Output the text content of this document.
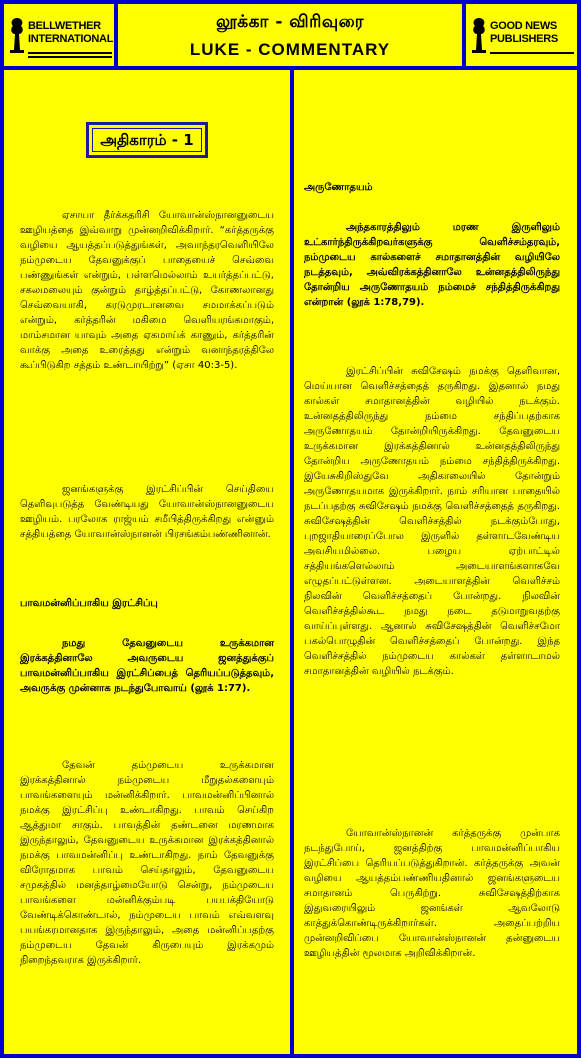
BELLWETHER
INTERNATIONAL
லூக்கா - விரிவுரை
LUKE - COMMENTARY
GOOD NEWS
PUBLISHERS
அதிகாரம் - 1

ஏசாயா தீர்க்கதரிசி யோவான்ஸ்நானனுடைய ஊழியத்தை இவ்வாறு முன்னறிவிக்கிறார். “கர்த்தருக்கு வழியை ஆயத்தப்படுத்துங்கள், அவாந்தரவெளியிலே நம்முடைய தேவனுக்குப் பாதையைச் செவ்வை பண்ணுங்கள் என்றும், பள்ளமெல்லாம் உயர்த்தப்பட்டு, சகலமலையும் குன்றும் தாழ்த்தப்பட்டு, கோணலானது செவ்வையாகி, கரடுமுரடானவை சமமாக்கப்படும் என்றும், கர்த்தரின் மகிமை வெளியரங்கமாகும், மாம்சமான யாவும் அதை ஏகமாய்க் காணும், கர்த்தரின் வாக்கு அதை உரைத்தது என்றும் வனாந்தரத்திலே கூப்பிடுகிற சத்தம் உண்டாயிற்று” (ஏசா 40:3-5).

ஜனங்களுக்கு இரட்சிப்பின் செய்தியை தெளிவுபடுத்த வேண்டியது யோவான்ஸ்நானனுடைய ஊழியம். பரலோக ராஜ்யம் சமீபித்திருக்கிறது என்னும் சத்தியத்தை யோவான்ஸ்நானன் பிரசங்கம்பண்ணினான்.

பாவமன்னிப்பாகிய இரட்சிப்பு

நமது தேவனுடைய உருக்கமான இரக்கத்தினாலே அவருடைய ஜனத்துக்குப் பாவமன்னிப்பாகிய இரட்சிப்பைத் தெரியப்படுத்தவும், அவருக்கு முன்னாக நடந்துபோவாய் (லூக் 1:77).

தேவன் தம்முடைய உருக்கமான இரக்கத்தினால் நம்முடைய மீறுதல்களையும் பாவங்களையும் மன்னிக்கிறார். பாவமன்னிப்பினால் நமக்கு இரட்சிப்பு உண்டாகிறது. பாவம் செய்கிற ஆத்துமா சாகும். பாவத்தின் தண்டனை மரணமாக இருந்தாலும், தேவனுடைய உருக்கமான இரக்கத்தினால் நமக்கு பாவமன்னிப்பு உண்டாகிறது. நாம் தேவனுக்கு விரோதமாக பாவம் செய்தாலும், தேவனுடைய சமுகத்தில் மனத்தாழ்மையோடு சென்று, நம்முடைய பாவங்களை மன்னிக்கும்படி பயபக்தியோடு வேண்டிக்கொண்டால், நம்முடைய பாவம் எவ்வளவு பயங்கரமானதாக இருந்தாலும், அதை மன்னிப்பதற்கு நம்முடைய தேவன் கிருபையும் இரக்கமும் நிறைந்தவராக இருக்கிறார்.

அருணோதயம்

அந்தகாரத்திலும் மரண இருளிலும் உட்கார்ந்திருக்கிறவர்களுக்கு வெளிச்சம்தரவும், நம்முடைய கால்களைச் சமாதானத்தின் வழியிலே நடத்தவும், அவ்விரக்கத்தினாலே உன்னதத்திலிருந்து தோன்றிய அருணோதயம் நம்மைச் சந்தித்திருக்கிறது என்றான் (லூக் 1:78,79).

இரட்சிப்பின் சுவிசேஷம் நமக்கு தெளிவான, மெய்யான வெளிச்சத்தைத் தருகிறது. இதனால் நமது கால்கள் சமாதானத்தின் வழியில் நடக்கும். உன்னதத்திலிருந்து நம்மை சந்திப்பதற்காக அருணோதயம் தோன்றியிருக்கிறது. தேவனுடைய உருக்கமான இரக்கத்தினால் உன்னதத்திலிருந்து தோன்றிய அருணோதயம் நம்மை சந்தித்திருக்கிறது. இயேசுகிறிஸ்துவே அதிகாலையில் தோன்றும் அருணோதயமாக இருக்கிறார். நாம் சரியான பாதையில் நடப்பதற்கு சுவிசேஷம் நமக்கு வெளிச்சத்தைத் தருகிறது. சுவிசேஷத்தின் வெளிச்சத்தில் நடக்கும்போது, புறஜாதியாரைப்போல இருளில் தள்ளாடவேண்டிய அவசியமில்லை. பழைய ஏற்பாட்டில் சத்தியங்களெல்லாம் அடையாளங்களாகவே எழுதப்பட்டுள்ளன. அடையாளத்தின் வெளிச்சம் நிலவின் வெளிச்சத்தைப் போன்றது. நிலவின் வெளிச்சத்தில்கூட நமது நடை தடுமாறுவதற்கு வாய்ப்புள்ளது. ஆனால் சுவிசேஷத்தின் வெளிச்சமோ பகல்பொழுதின் வெளிச்சத்தைப் போன்றது. இந்த வெளிச்சத்தில் நம்முடைய கால்கள் தள்ளாடாமல் சமாதானத்தின் வழியில் நடக்கும்.

யோவான்ஸ்நானன் கர்த்தருக்கு முன்பாக நடந்துபோய், ஜனத்திற்கு பாவமன்னிப்பாகிய இரட்சிப்பை தெரியப்படுத்துகிறான். கர்த்தருக்கு அவன் வழியை ஆயத்தம்பண்ணியதினால் ஜனங்களுடைய சமாதானம் பெருகிற்று. சுவிசேஷத்திற்காக இதுவரையிலும் ஜனங்கள் ஆவலோடு காத்துக்கொண்டிருக்கிறார்கள். அதைப்பற்றிய முன்னறிவிப்பை யோவான்ஸ்நானன் தன்னுடைய ஊழியத்தின் மூலமாக அறிவிக்கிறான்.
